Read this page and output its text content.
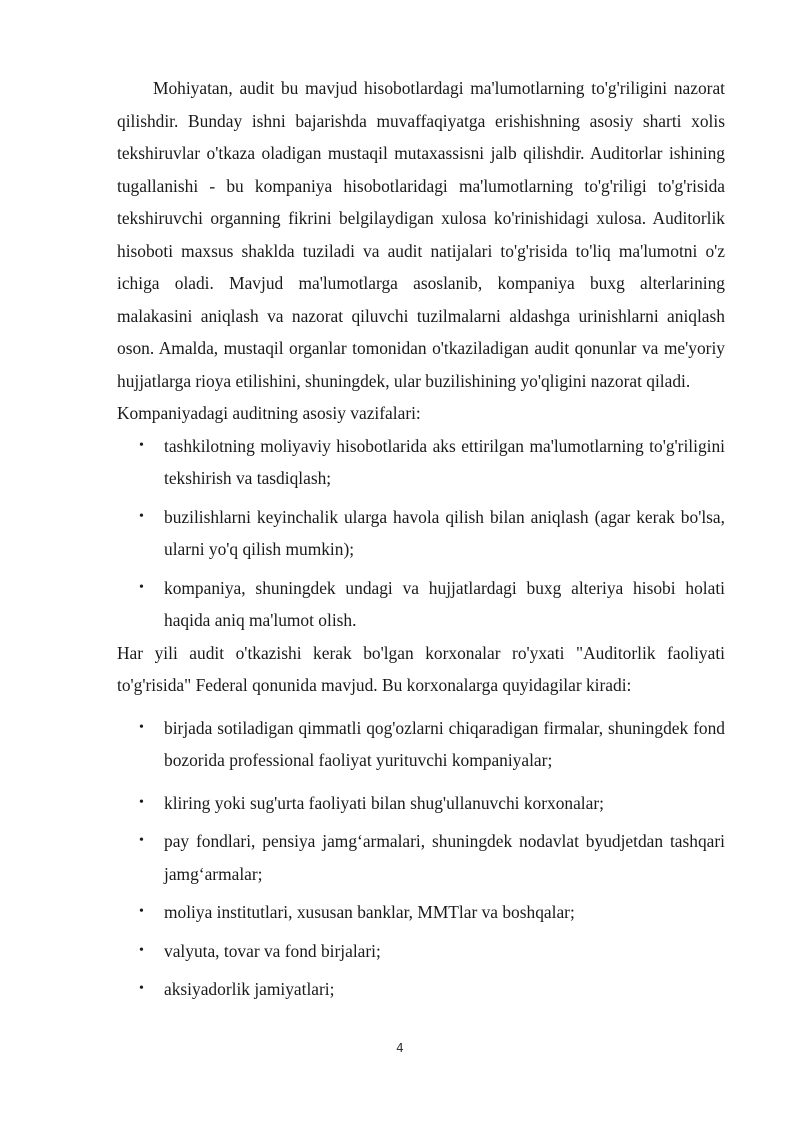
Mohiyatan, audit bu mavjud hisobotlardagi ma'lumotlarning to'g'riligini nazorat qilishdir. Bunday ishni bajarishda muvaffaqiyatga erishishning asosiy sharti xolis tekshiruvlar o'tkaza oladigan mustaqil mutaxassisni jalb qilishdir. Auditorlar ishining tugallanishi - bu kompaniya hisobotlaridagi ma'lumotlarning to'g'riligi to'g'risida tekshiruvchi organning fikrini belgilaydigan xulosa ko'rinishidagi xulosa. Auditorlik hisoboti maxsus shaklda tuziladi va audit natijalari to'g'risida to'liq ma'lumotni o'z ichiga oladi. Mavjud ma'lumotlarga asoslanib, kompaniya buxg alterlarining malakasini aniqlash va nazorat qiluvchi tuzilmalarni aldashga urinishlarni aniqlash oson. Amalda, mustaqil organlar tomonidan o'tkaziladigan audit qonunlar va me'yoriy hujjatlarga rioya etilishini, shuningdek, ular buzilishining yo'qligini nazorat qiladi.

Kompaniyadagi auditning asosiy vazifalari:

• tashkilotning moliyaviy hisobotlarida aks ettirilgan ma'lumotlarning to'g'riligini tekshirish va tasdiqlash;
• buzilishlarni keyinchalik ularga havola qilish bilan aniqlash (agar kerak bo'lsa, ularni yo'q qilish mumkin);
• kompaniya, shuningdek undagi va hujjatlardagi buxg alteriya hisobi holati haqida aniq ma'lumot olish.

Har yili audit o'tkazishi kerak bo'lgan korxonalar ro'yxati "Auditorlik faoliyati to'g'risida" Federal qonunida mavjud. Bu korxonalarga quyidagilar kiradi:

• birjada sotiladigan qimmatli qog'ozlarni chiqaradigan firmalar, shuningdek fond bozorida professional faoliyat yurituvchi kompaniyalar;
• kliring yoki sug'urta faoliyati bilan shug'ullanuvchi korxonalar;
• pay fondlari, pensiya jamg‘armalari, shuningdek nodavlat byudjetdan tashqari jamg‘armalar;
• moliya institutlari, xususan banklar, MMTlar va boshqalar;
• valyuta, tovar va fond birjalari;
• aksiyadorlik jamiyatlari;
4
